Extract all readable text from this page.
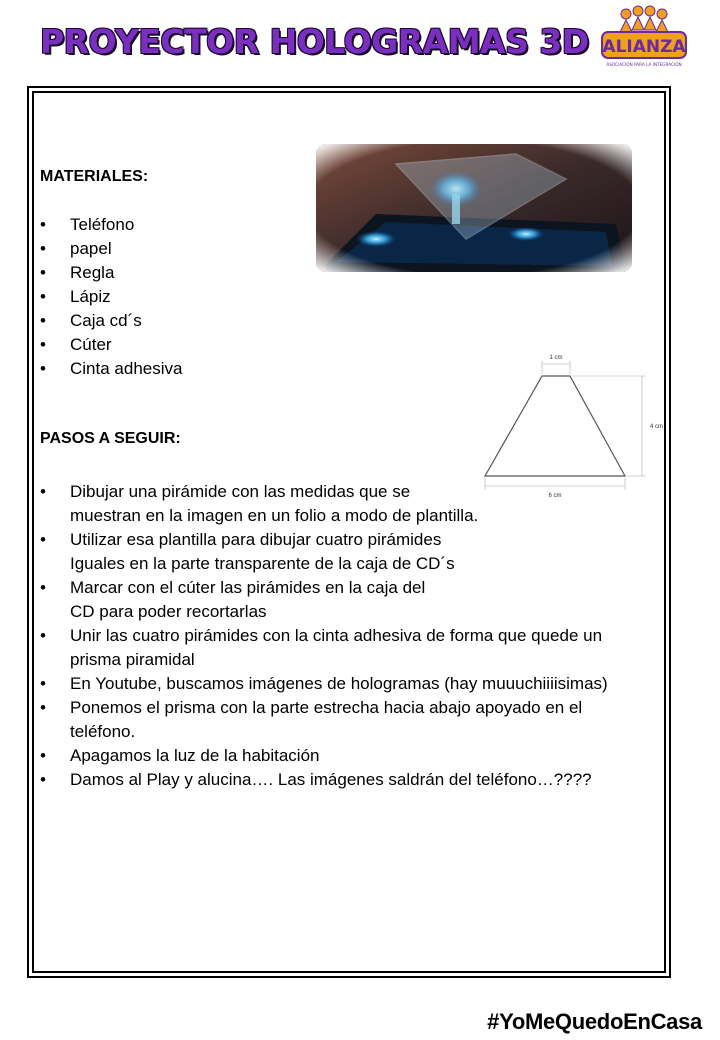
PROYECTOR HOLOGRAMAS 3D ALIANZA
ASOCIACIÓN PARA LA INTEGRACIÓN
MATERIALES:
• Teléfono
• papel
• Regla
• Lápiz
• Caja cd´s
• Cúter
• Cinta adhesiva
PASOS A SEGUIR:
1 cm
4 cm
6 cm
• Dibujar una pirámide con las medidas que se
muestran en la imagen en un folio a modo de plantilla.
• Utilizar esa plantilla para dibujar cuatro pirámides
Iguales en la parte transparente de la caja de CD´s
• Marcar con el cúter las pirámides en la caja del
CD para poder recortarlas
• Unir las cuatro pirámides con la cinta adhesiva de forma que quede un
prisma piramidal
• En Youtube, buscamos imágenes de hologramas (hay muuuchiiiisimas)
• Ponemos el prisma con la parte estrecha hacia abajo apoyado en el
teléfono.
• Apagamos la luz de la habitación
• Damos al Play y alucina…. Las imágenes saldrán del teléfono…????
#YoMeQuedoEnCasa
